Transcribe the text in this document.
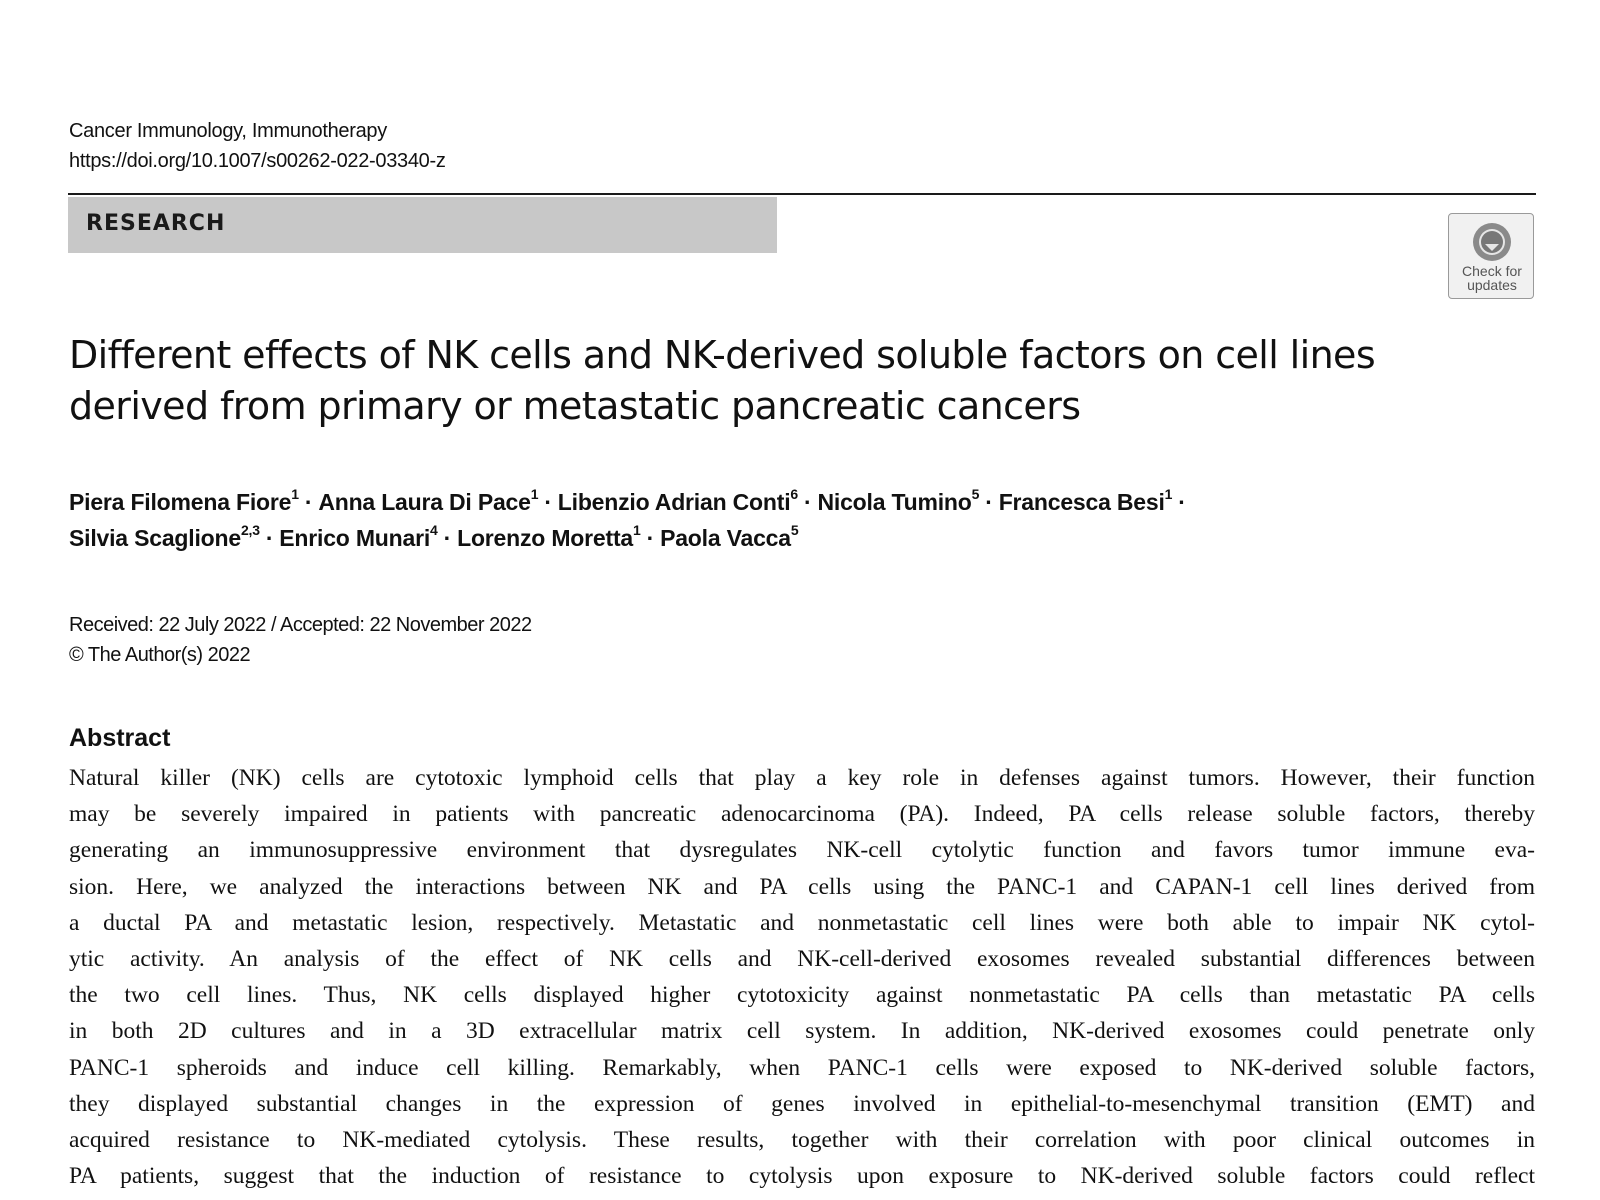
Cancer Immunology, Immunotherapy
https://doi.org/10.1007/s00262-022-03340-z
RESEARCH
Check for
updates
Different effects of NK cells and NK-derived soluble factors on cell lines
derived from primary or metastatic pancreatic cancers
Piera Filomena Fiore$^1$ · Anna Laura Di Pace$^1$ · Libenzio Adrian Conti$^6$ · Nicola Tumino$^5$ · Francesca Besi$^1$ ·
Silvia Scaglione$^{2,3}$ · Enrico Munari$^4$ · Lorenzo Moretta$^1$ · Paola Vacca$^5$
Received: 22 July 2022 / Accepted: 22 November 2022
© The Author(s) 2022
Abstract
Natural killer (NK) cells are cytotoxic lymphoid cells that play a key role in defenses against tumors. However, their function
may be severely impaired in patients with pancreatic adenocarcinoma (PA). Indeed, PA cells release soluble factors, thereby
generating an immunosuppressive environment that dysregulates NK-cell cytolytic function and favors tumor immune eva-
sion. Here, we analyzed the interactions between NK and PA cells using the PANC-1 and CAPAN-1 cell lines derived from
a ductal PA and metastatic lesion, respectively. Metastatic and nonmetastatic cell lines were both able to impair NK cytol-
ytic activity. An analysis of the effect of NK cells and NK-cell-derived exosomes revealed substantial differences between
the two cell lines. Thus, NK cells displayed higher cytotoxicity against nonmetastatic PA cells than metastatic PA cells
in both 2D cultures and in a 3D extracellular matrix cell system. In addition, NK-derived exosomes could penetrate only
PANC-1 spheroids and induce cell killing. Remarkably, when PANC-1 cells were exposed to NK-derived soluble factors,
they displayed substantial changes in the expression of genes involved in epithelial-to-mesenchymal transition (EMT) and
acquired resistance to NK-mediated cytolysis. These results, together with their correlation with poor clinical outcomes in
PA patients, suggest that the induction of resistance to cytolysis upon exposure to NK-derived soluble factors could reflect
